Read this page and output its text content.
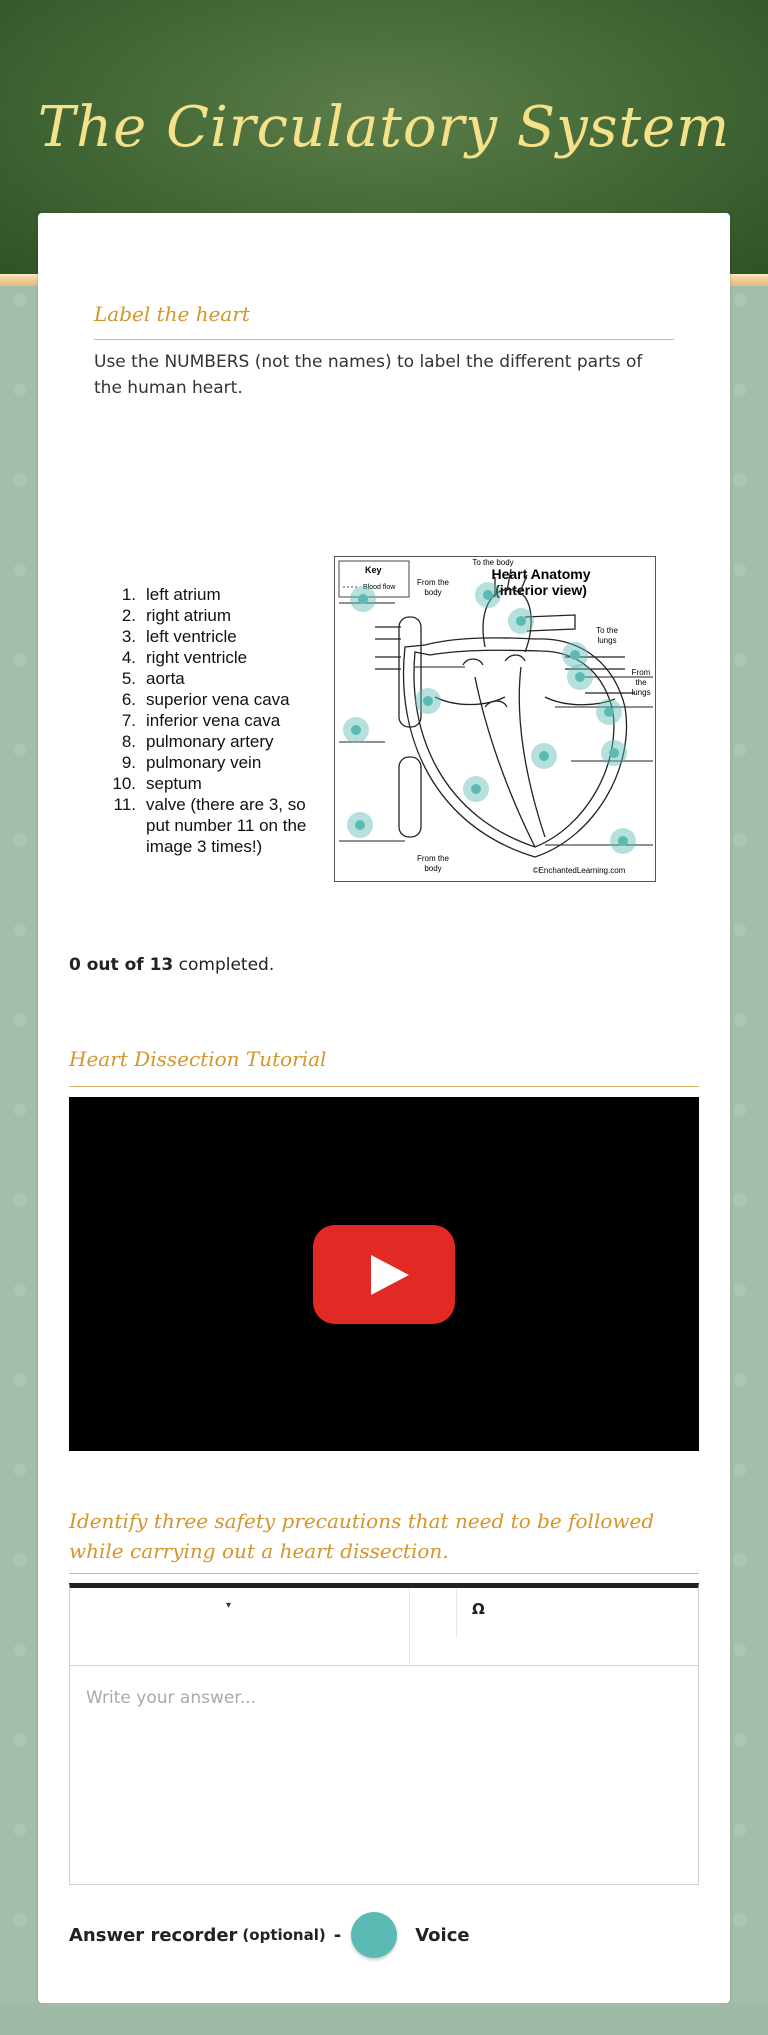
The Circulatory System
Label the heart
Use the NUMBERS (not the names) to label the different parts of the human heart.
1. left atrium
2. right atrium
3. left ventricle
4. right ventricle
5. aorta
6. superior vena cava
7. inferior vena cava
8. pulmonary artery
9. pulmonary vein
10. septum
11. valve (there are 3, so put number 11 on the image 3 times!)
Key
Blood flow
Heart Anatomy
(interior view)
To the body
From the
body
To the
lungs
From
the
lungs
From the
body	©EnchantedLearning.com
0 out of 13 completed.
Heart Dissection Tutorial
Identify three safety precautions that need to be followed while carrying out a heart dissection.
▾	Ω
Write your answer...
Answer recorder (optional) -	Voice
